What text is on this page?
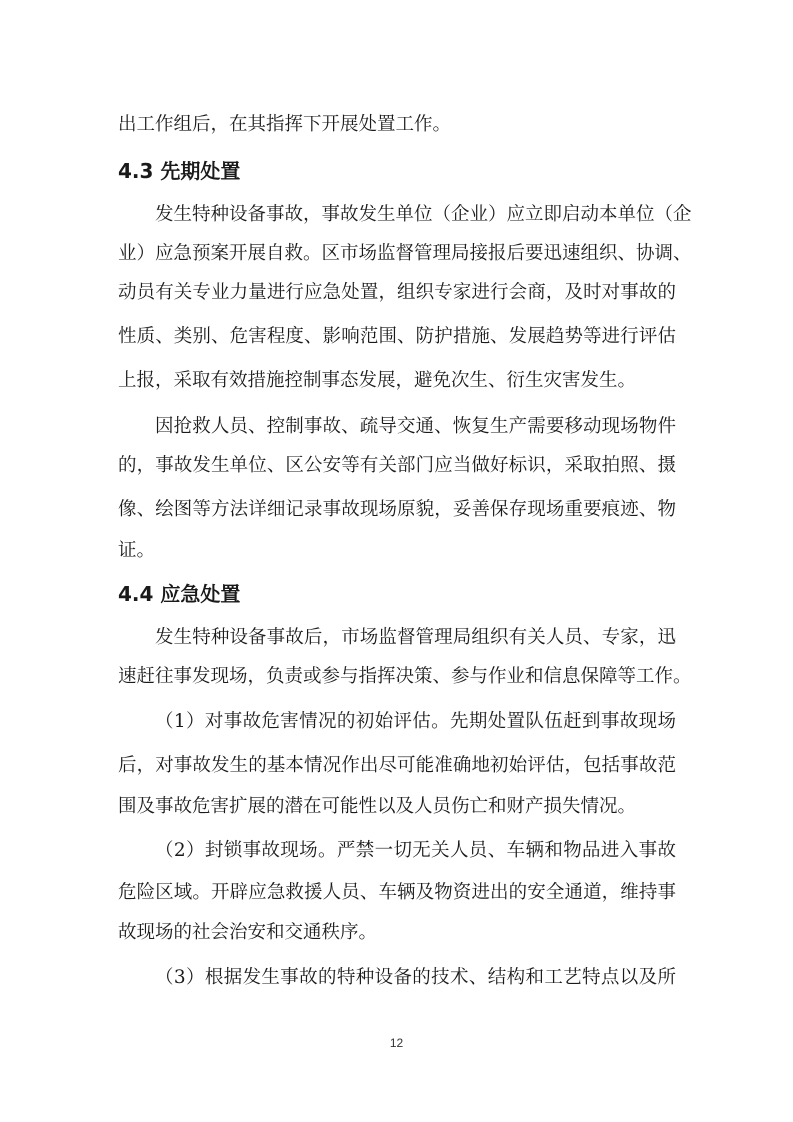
出工作组后，在其指挥下开展处置工作。
4.3 先期处置
发生特种设备事故，事故发生单位（企业）应立即启动本单位（企
业）应急预案开展自救。区市场监督管理局接报后要迅速组织、协调、
动员有关专业力量进行应急处置，组织专家进行会商，及时对事故的
性质、类别、危害程度、影响范围、防护措施、发展趋势等进行评估
上报，采取有效措施控制事态发展，避免次生、衍生灾害发生。
因抢救人员、控制事故、疏导交通、恢复生产需要移动现场物件
的，事故发生单位、区公安等有关部门应当做好标识，采取拍照、摄
像、绘图等方法详细记录事故现场原貌，妥善保存现场重要痕迹、物
证。
4.4 应急处置
发生特种设备事故后，市场监督管理局组织有关人员、专家，迅
速赶往事发现场，负责或参与指挥决策、参与作业和信息保障等工作。
（1）对事故危害情况的初始评估。先期处置队伍赶到事故现场
后，对事故发生的基本情况作出尽可能准确地初始评估，包括事故范
围及事故危害扩展的潜在可能性以及人员伤亡和财产损失情况。
（2）封锁事故现场。严禁一切无关人员、车辆和物品进入事故
危险区域。开辟应急救援人员、车辆及物资进出的安全通道，维持事
故现场的社会治安和交通秩序。
（3）根据发生事故的特种设备的技术、结构和工艺特点以及所
12
